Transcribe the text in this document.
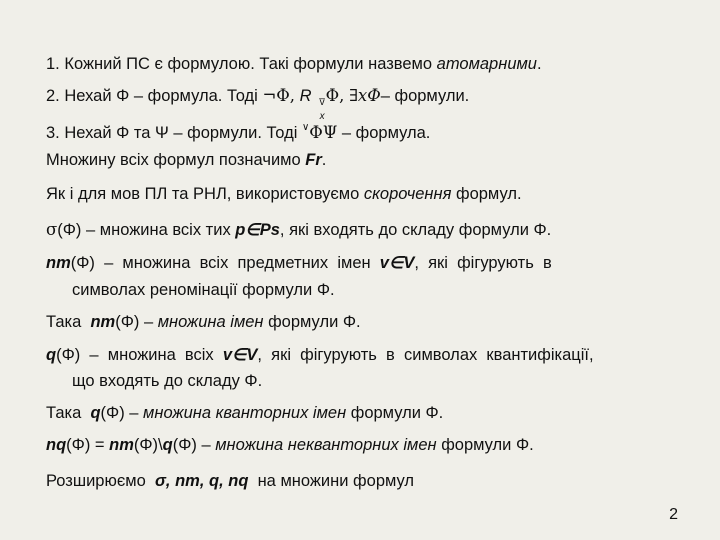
1. Кожний ПС є формулою. Такі формули назвемо атомарними.
2. Нехай Φ – формула. Тоді ¬Φ, R v̅
x
Φ, ∃xΦ– формули.
3. Нехай Φ та Ψ – формули. Тоді ∨ΦΨ – формула.
Множину всіх формул позначимо Fr.
Як і для мов ПЛ та РНЛ, використовуємо скорочення формул.
σ(Φ) – множина всіх тих p∈Ps, які входять до складу формули Φ.
nm(Φ)  –  множина  всіх  предметних  імен  v∈V,  які  фігурують  в
символах реномінації формули Φ.
Така  nm(Φ) – множина імен формули Φ.
q(Φ)  –  множина  всіх  v∈V,  які  фігурують  в  символах  квантифікації,
що входять до складу Φ.
Така  q(Φ) – множина кванторних імен формули Φ.
nq(Φ) = nm(Φ)\q(Φ) – множина некванторних імен формули Φ.
Розширюємо  σ, nm, q, nq  на множини формул
2
